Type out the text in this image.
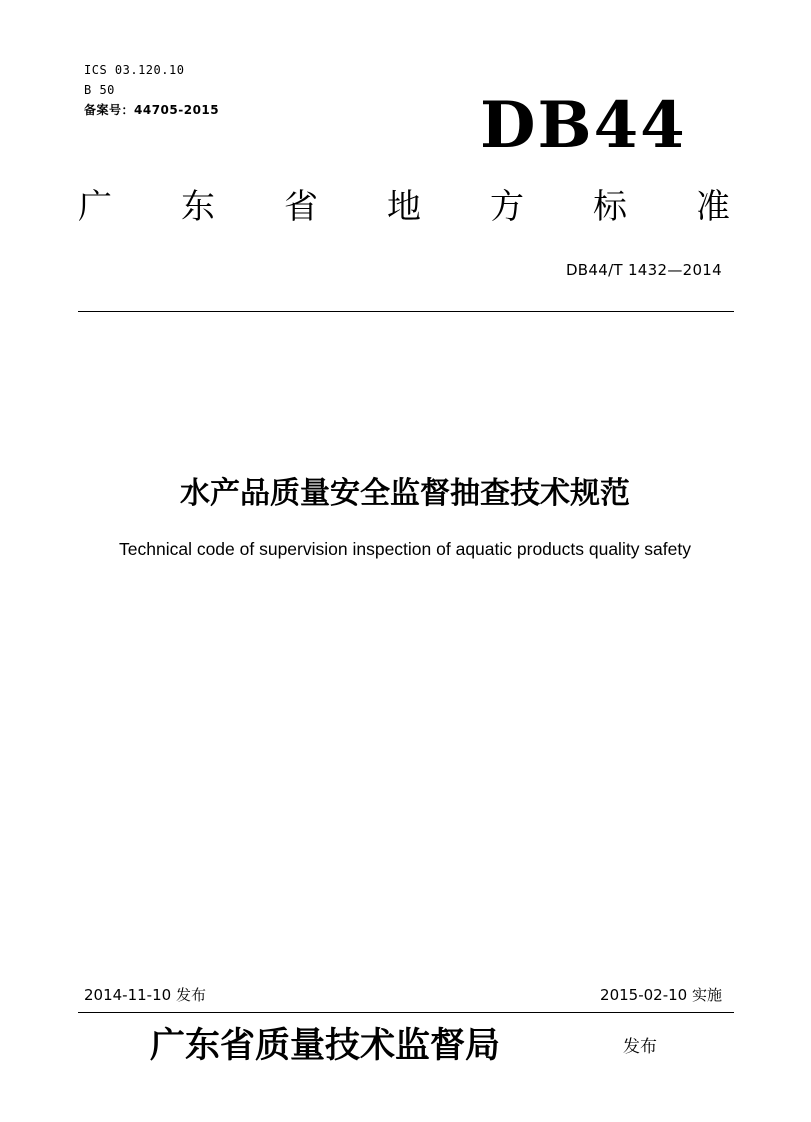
ICS 03.120.10
B 50
备案号：44705-2015	DB44
广 东 省 地 方 标 准
DB44/T 1432—2014
水产品质量安全监督抽查技术规范
Technical code of supervision inspection of aquatic products quality safety
2014-11-10 发布	2015-02-10 实施
广东省质量技术监督局	发布
